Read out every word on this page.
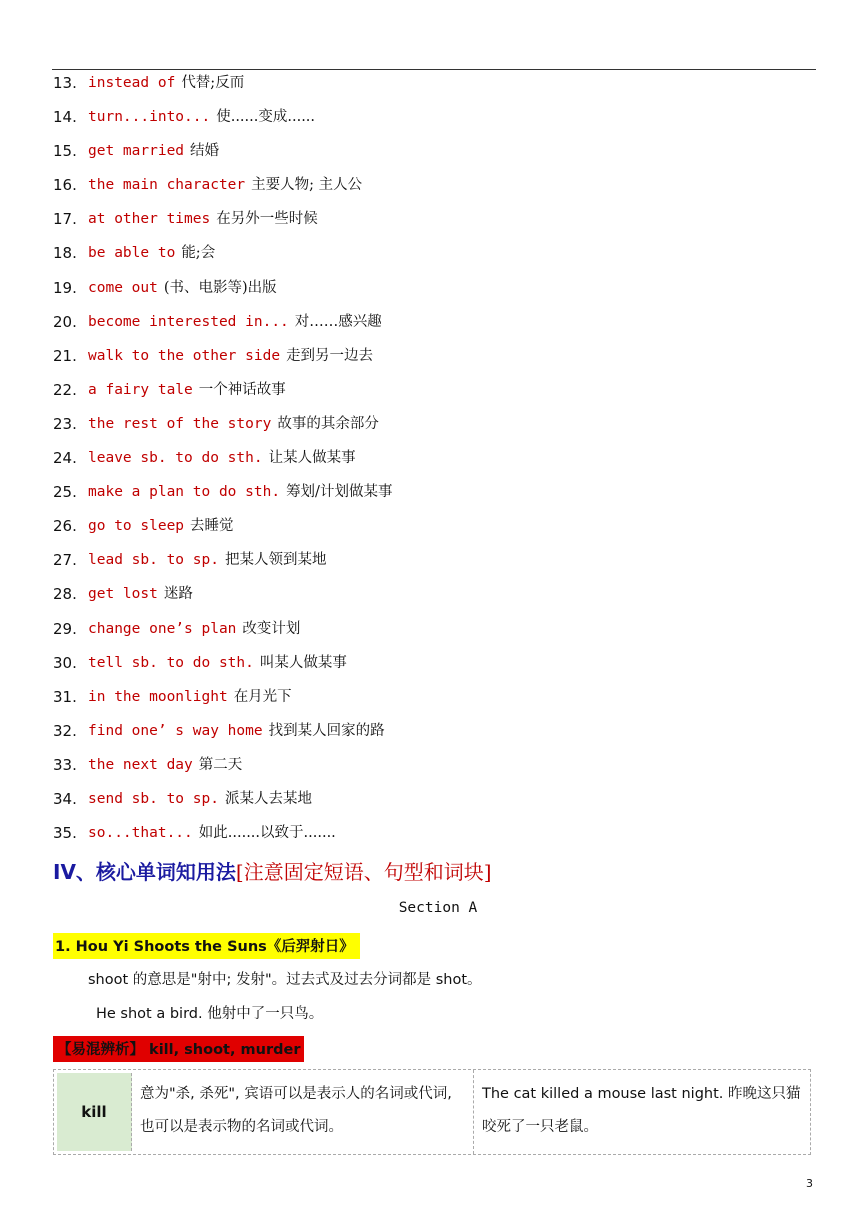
13. instead of 代替;反而
14. turn...into... 使......变成......
15. get married 结婚
16. the main character 主要人物; 主人公
17. at other times 在另外一些时候
18. be able to 能;会
19. come out (书、电影等)出版
20. become interested in... 对……感兴趣
21. walk to the other side 走到另一边去
22. a fairy tale 一个神话故事
23. the rest of the story 故事的其余部分
24. leave sb. to do sth. 让某人做某事
25. make a plan to do sth. 筹划/计划做某事
26. go to sleep 去睡觉
27. lead sb. to sp. 把某人领到某地
28. get lost 迷路
29. change one’s plan 改变计划
30. tell sb. to do sth. 叫某人做某事
31. in the moonlight 在月光下
32. find one’ s way home 找到某人回家的路
33. the next day 第二天
34. send sb. to sp. 派某人去某地
35. so...that... 如此.......以致于.......
IV、核心单词知用法[注意固定短语、句型和词块]
Section A
1. Hou Yi Shoots the Suns《后羿射日》
shoot 的意思是"射中; 发射"。过去式及过去分词都是 shot。
He shot a bird. 他射中了一只鸟。
【易混辨析】 kill, shoot, murder
kill
意为"杀, 杀死", 宾语可以是表示人的名词或代词, 也可以是表示物的名词或代词。
The cat killed a mouse last night. 昨晚这只猫咬死了一只老鼠。
3
